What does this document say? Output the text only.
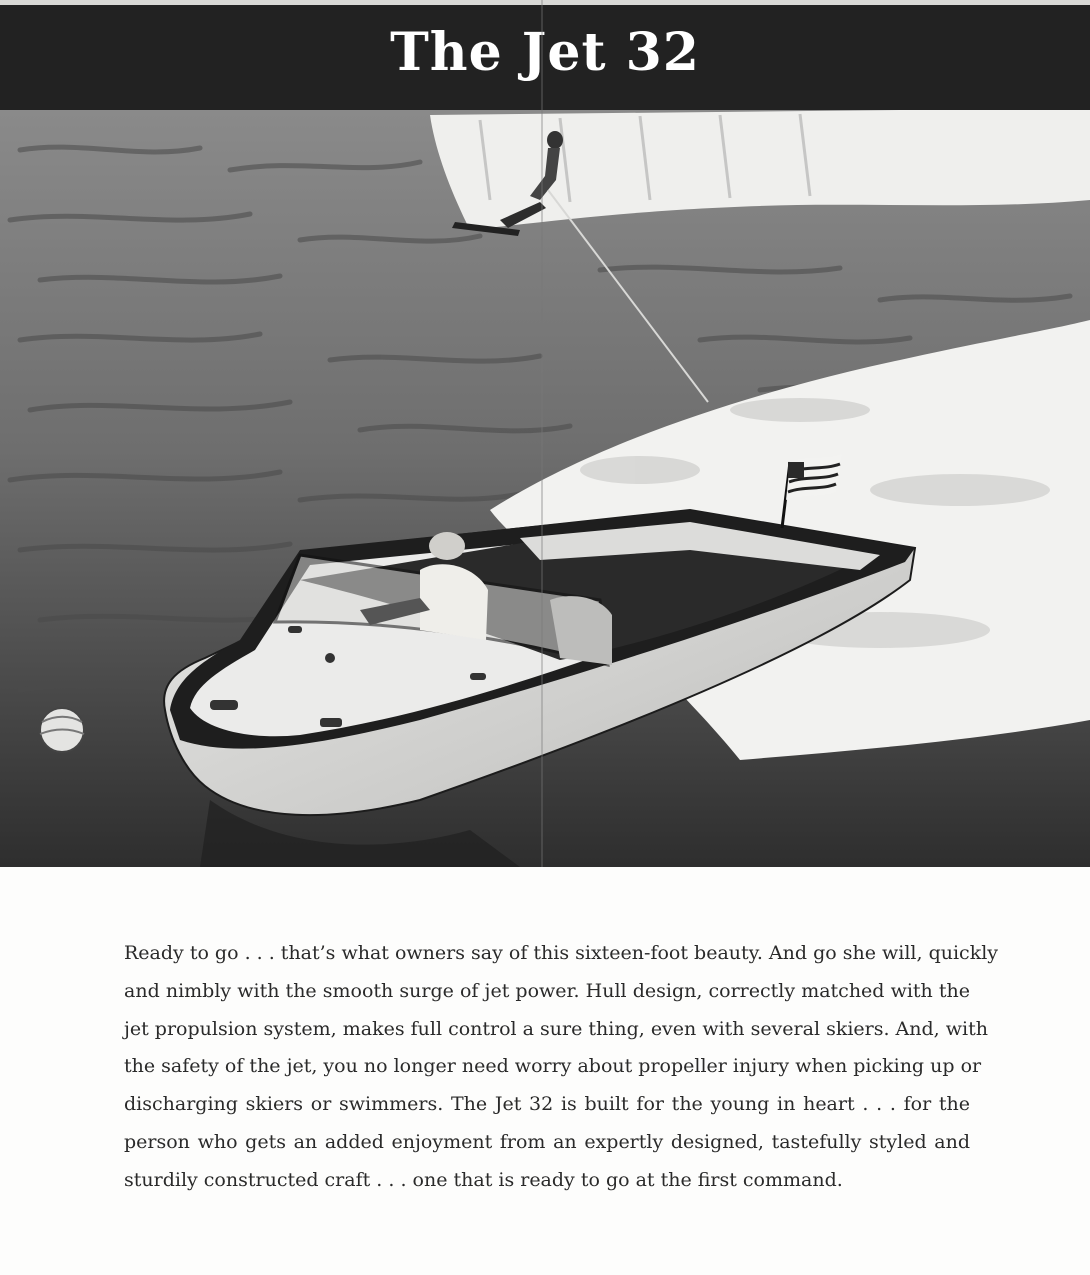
The Jet 32

Ready to go . . . that’s what owners say of this sixteen-foot beauty. And go she will, quickly
and nimbly with the smooth surge of jet power. Hull design, correctly matched with the
jet propulsion system, makes full control a sure thing, even with several skiers. And, with
the safety of the jet, you no longer need worry about propeller injury when picking up or
discharging skiers or swimmers. The Jet 32 is built for the young in heart . . . for the
person who gets an added enjoyment from an expertly designed, tastefully styled and
sturdily constructed craft . . . one that is ready to go at the first command.
